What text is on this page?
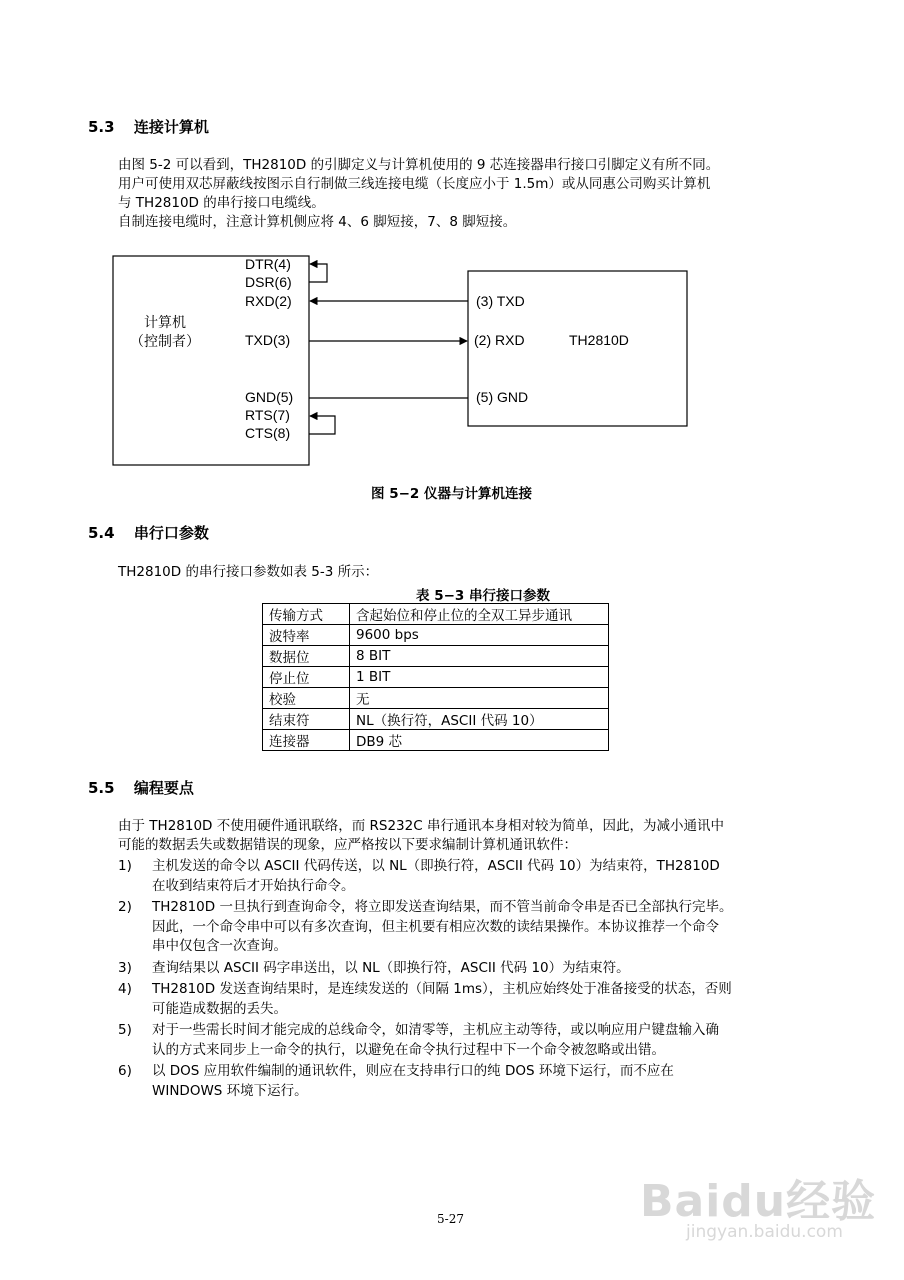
5.3 连接计算机

由图 5-2 可以看到，TH2810D 的引脚定义与计算机使用的 9 芯连接器串行接口引脚定义有所不同。

用户可使用双芯屏蔽线按图示自行制做三线连接电缆（长度应小于 1.5m）或从同惠公司购买计算机

与 TH2810D 的串行接口电缆线。

自制连接电缆时，注意计算机侧应将 4、6 脚短接，7、8 脚短接。

计算机
（控制者）
DTR(4)
DSR(6)
RXD(2)
TXD(3)
GND(5)
RTS(7)
CTS(8)
(3) TXD
(2) RXD
(5) GND
TH2810D
图 5−2 仪器与计算机连接
5.4 串行口参数
TH2810D 的串行接口参数如表 5-3 所示：
表 5−3 串行接口参数
传输方式	含起始位和停止位的全双工异步通讯
波特率	9600 bps
数据位	8 BIT
停止位	1 BIT
校验	无
结束符	NL（换行符，ASCII 代码 10）
连接器	DB9 芯
5.5 编程要点

由于 TH2810D 不使用硬件通讯联络，而 RS232C 串行通讯本身相对较为简单，因此，为减小通讯中

可能的数据丢失或数据错误的现象，应严格按以下要求编制计算机通讯软件：

1)	主机发送的命令以 ASCII 代码传送，以 NL（即换行符，ASCII 代码 10）为结束符，TH2810D

在收到结束符后才开始执行命令。

2)	TH2810D 一旦执行到查询命令，将立即发送查询结果，而不管当前命令串是否已全部执行完毕。

因此，一个命令串中可以有多次查询，但主机要有相应次数的读结果操作。本协议推荐一个命令

串中仅包含一次查询。

3)	查询结果以 ASCII 码字串送出，以 NL（即换行符，ASCII 代码 10）为结束符。

4)	TH2810D 发送查询结果时，是连续发送的（间隔 1ms），主机应始终处于准备接受的状态，否则

可能造成数据的丢失。

5)	对于一些需长时间才能完成的总线命令，如清零等，主机应主动等待，或以响应用户键盘输入确

认的方式来同步上一命令的执行，以避免在命令执行过程中下一个命令被忽略或出错。

6)	以 DOS 应用软件编制的通讯软件，则应在支持串行口的纯 DOS 环境下运行，而不应在

WINDOWS 环境下运行。

Baidu经验
jingyan.baidu.com
5-27
